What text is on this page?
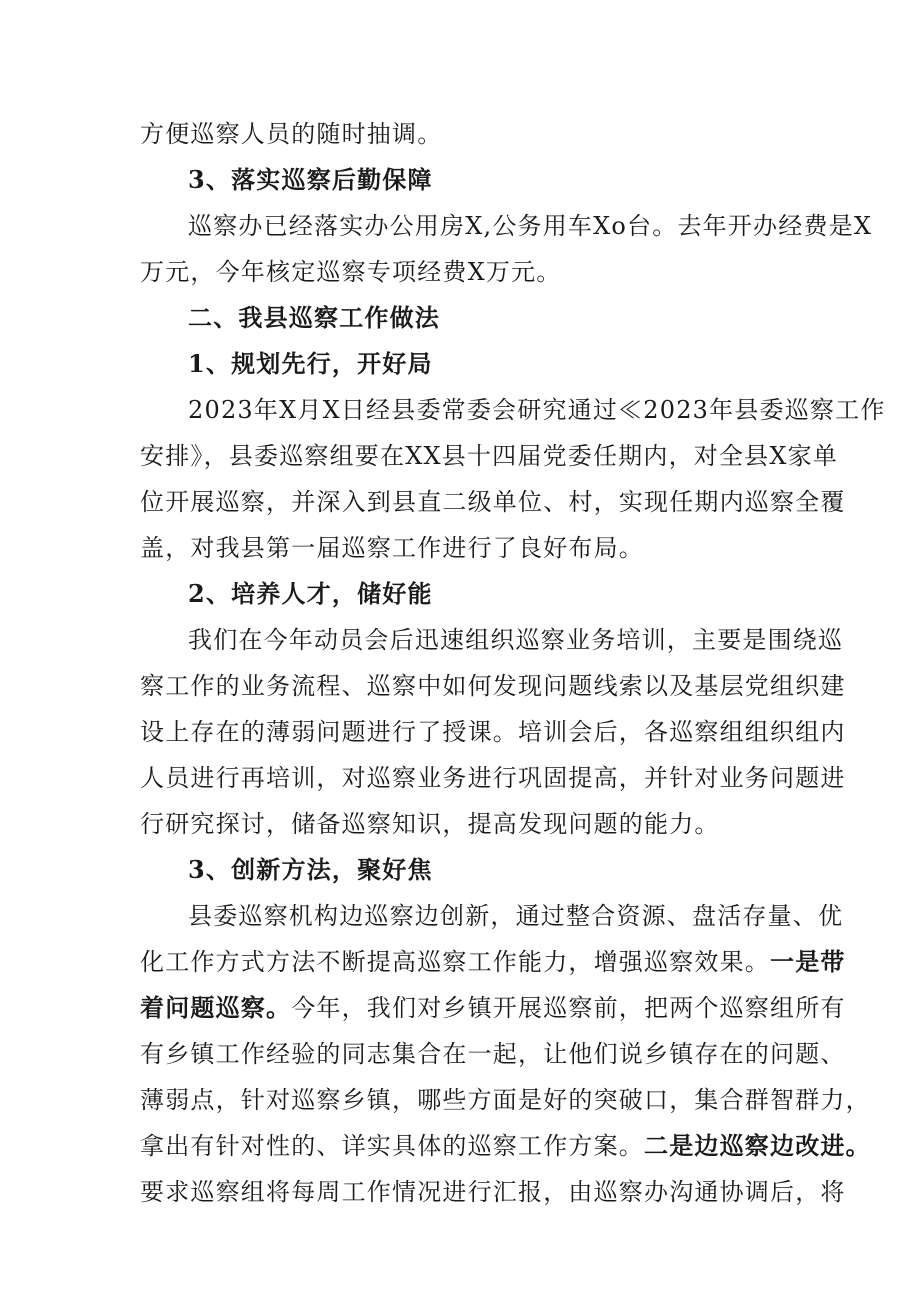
方便巡察人员的随时抽调。
3、落实巡察后勤保障
巡察办已经落实办公用房X,公务用车Xo台。去年开办经费是X
万元，今年核定巡察专项经费X万元。
二、我县巡察工作做法
1、规划先行，开好局
2023年X月X日经县委常委会研究通过≪2023年县委巡察工作
安排》，县委巡察组要在XX县十四届党委任期内，对全县X家单
位开展巡察，并深入到县直二级单位、村，实现任期内巡察全覆
盖，对我县第一届巡察工作进行了良好布局。
2、培养人才，储好能
我们在今年动员会后迅速组织巡察业务培训，主要是围绕巡
察工作的业务流程、巡察中如何发现问题线索以及基层党组织建
设上存在的薄弱问题进行了授课。培训会后，各巡察组组织组内
人员进行再培训，对巡察业务进行巩固提高，并针对业务问题进
行研究探讨，储备巡察知识，提高发现问题的能力。
3、创新方法，聚好焦
县委巡察机构边巡察边创新，通过整合资源、盘活存量、优
化工作方式方法不断提高巡察工作能力，增强巡察效果。一是带
着问题巡察。今年，我们对乡镇开展巡察前，把两个巡察组所有
有乡镇工作经验的同志集合在一起，让他们说乡镇存在的问题、
薄弱点，针对巡察乡镇，哪些方面是好的突破口，集合群智群力，
拿出有针对性的、详实具体的巡察工作方案。二是边巡察边改进。
要求巡察组将每周工作情况进行汇报，由巡察办沟通协调后，将
